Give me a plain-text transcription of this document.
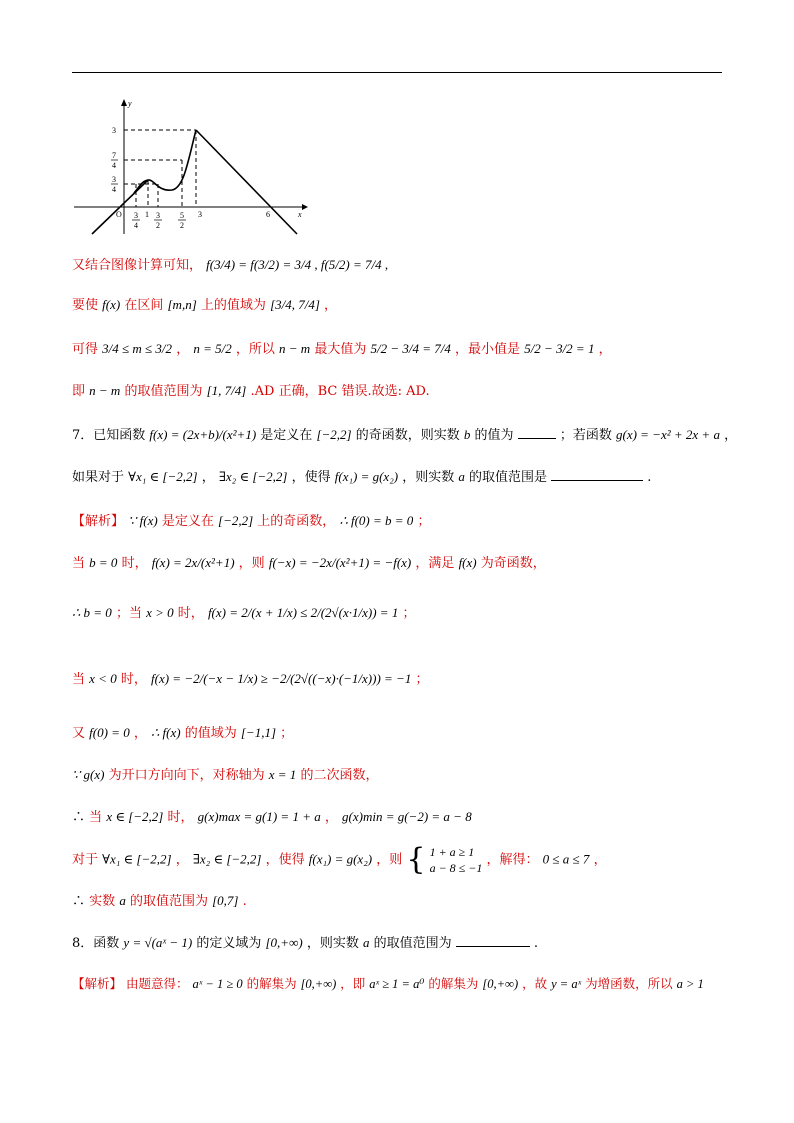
x
y
O
3
7
4
3
4
3
4
1 3
2
5
2
3	6
又结合图像计算可知， f(3/4) = f(3/2) = 3/4 , f(5/2) = 7/4 ,
要使 f(x) 在区间 [m,n] 上的值域为 [3/4, 7/4] ，
可得 3/4 ≤ m ≤ 3/2 ， n = 5/2 ，所以 n − m 最大值为 5/2 − 3/4 = 7/4 ，最小值是 5/2 − 3/2 = 1 ，
即 n − m 的取值范围为 [1, 7/4] .AD 正确，BC 错误.故选: AD.
7．已知函数 f(x) = (2x+b)/(x²+1) 是定义在 [−2,2] 的奇函数，则实数 b 的值为	；若函数 g(x) = −x² + 2x + a ，
如果对于 ∀x₁ ∈ [−2,2] ， ∃x₂ ∈ [−2,2] ，使得 f(x₁) = g(x₂) ，则实数 a 的取值范围是	.
【解析】 ∵ f(x) 是定义在 [−2,2] 上的奇函数， ∴ f(0) = b = 0 ；
当 b = 0 时， f(x) = 2x/(x²+1) ，则 f(−x) = −2x/(x²+1) = −f(x) ，满足 f(x) 为奇函数，
∴ b = 0 ；当 x > 0 时， f(x) = 2/(x + 1/x) ≤ 2/(2√(x·1/x)) = 1 ；
当 x < 0 时， f(x) = −2/(−x − 1/x) ≥ −2/(2√((−x)·(−1/x))) = −1 ；
又 f(0) = 0 ， ∴ f(x) 的值域为 [−1,1] ；
∵ g(x) 为开口方向向下，对称轴为 x = 1 的二次函数，
∴ 当 x ∈ [−2,2] 时， g(x)max = g(1) = 1 + a ， g(x)min = g(−2) = a − 8
对于 ∀x₁ ∈ [−2,2] ， ∃x₂ ∈ [−2,2] ，使得 f(x₁) = g(x₂) ，则 { 1 + a ≥ 1
a − 8 ≤ −1
，解得： 0 ≤ a ≤ 7 ，
∴ 实数 a 的取值范围为 [0,7] .
8．函数 y = √(aˣ − 1) 的定义域为 [0,+∞) ，则实数 a 的取值范围为	.
【解析】 由题意得： aˣ − 1 ≥ 0 的解集为 [0,+∞) ，即 aˣ ≥ 1 = a⁰ 的解集为 [0,+∞) ，故 y = aˣ 为增函数，所以 a > 1
